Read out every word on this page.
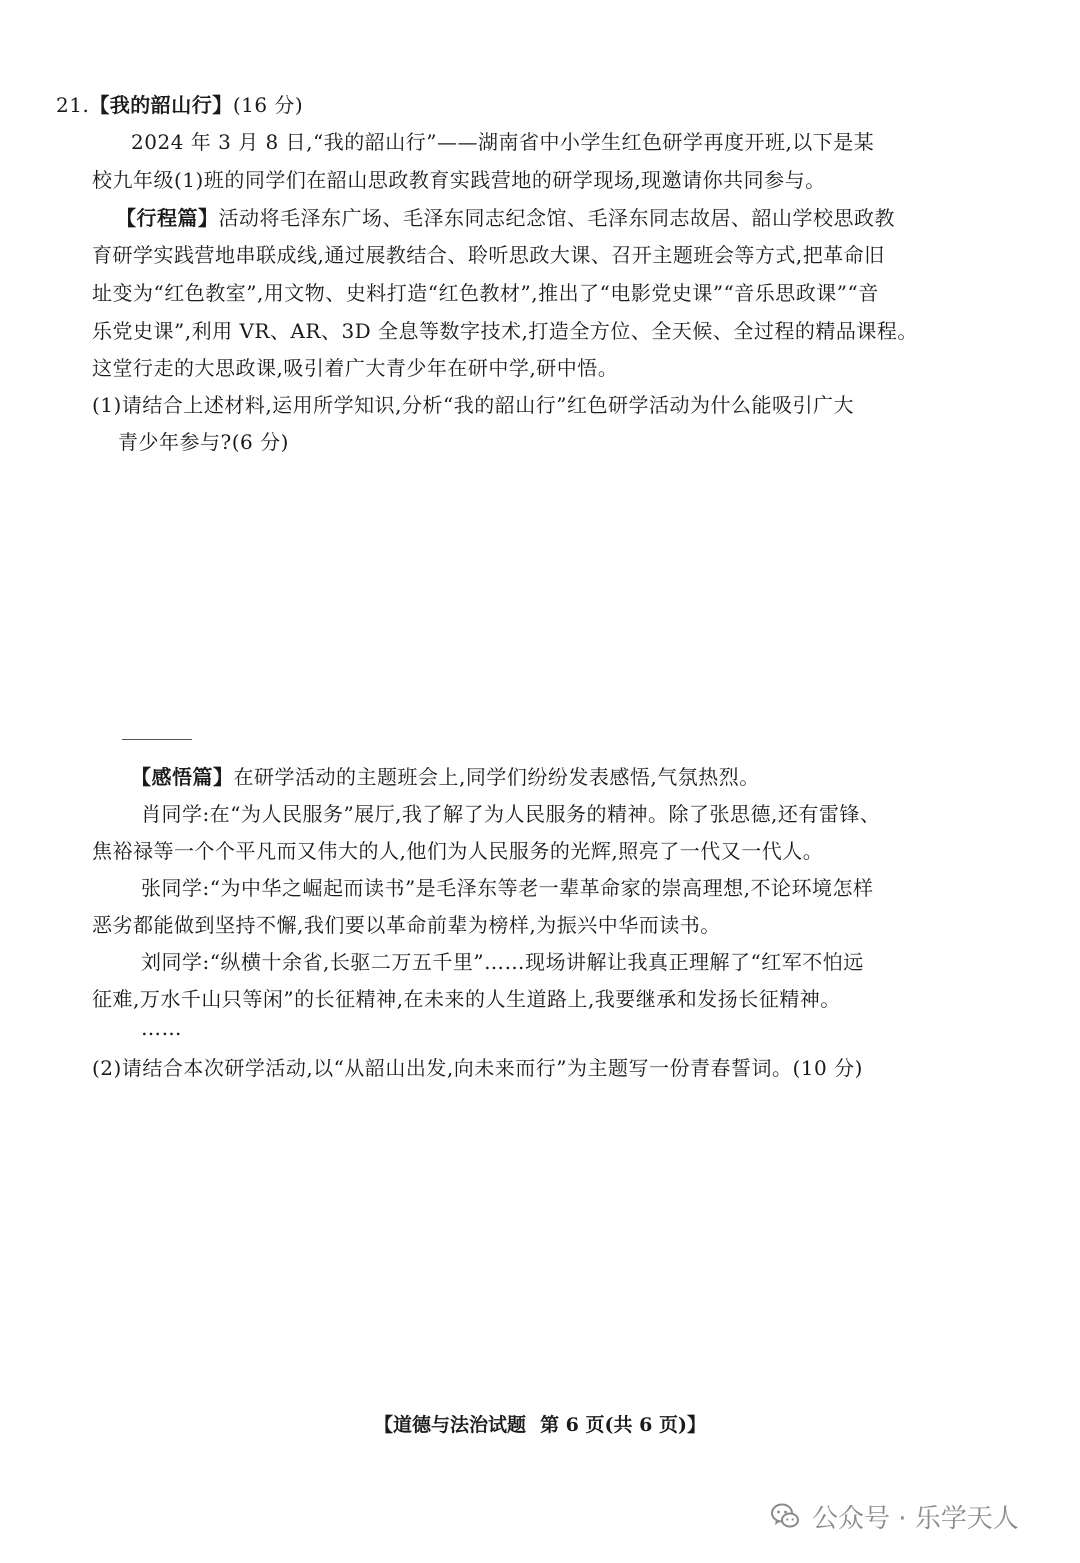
21.【我的韶山行】(16 分)
2024 年 3 月 8 日,“我的韶山行”——湖南省中小学生红色研学再度开班,以下是某
校九年级(1)班的同学们在韶山思政教育实践营地的研学现场,现邀请你共同参与。
【行程篇】活动将毛泽东广场、毛泽东同志纪念馆、毛泽东同志故居、韶山学校思政教
育研学实践营地串联成线,通过展教结合、聆听思政大课、召开主题班会等方式,把革命旧
址变为“红色教室”,用文物、史料打造“红色教材”,推出了“电影党史课”“音乐思政课”“音
乐党史课”,利用 VR、AR、3D 全息等数字技术,打造全方位、全天候、全过程的精品课程。
这堂行走的大思政课,吸引着广大青少年在研中学,研中悟。
(1)请结合上述材料,运用所学知识,分析“我的韶山行”红色研学活动为什么能吸引广大
青少年参与?(6 分)
【感悟篇】在研学活动的主题班会上,同学们纷纷发表感悟,气氛热烈。
肖同学:在“为人民服务”展厅,我了解了为人民服务的精神。除了张思德,还有雷锋、
焦裕禄等一个个平凡而又伟大的人,他们为人民服务的光辉,照亮了一代又一代人。
张同学:“为中华之崛起而读书”是毛泽东等老一辈革命家的崇高理想,不论环境怎样
恶劣都能做到坚持不懈,我们要以革命前辈为榜样,为振兴中华而读书。
刘同学:“纵横十余省,长驱二万五千里”……现场讲解让我真正理解了“红军不怕远
征难,万水千山只等闲”的长征精神,在未来的人生道路上,我要继承和发扬长征精神。
……
(2)请结合本次研学活动,以“从韶山出发,向未来而行”为主题写一份青春誓词。(10 分)
【道德与法治试题 第 6 页(共 6 页)】
公众号 · 乐学天人
